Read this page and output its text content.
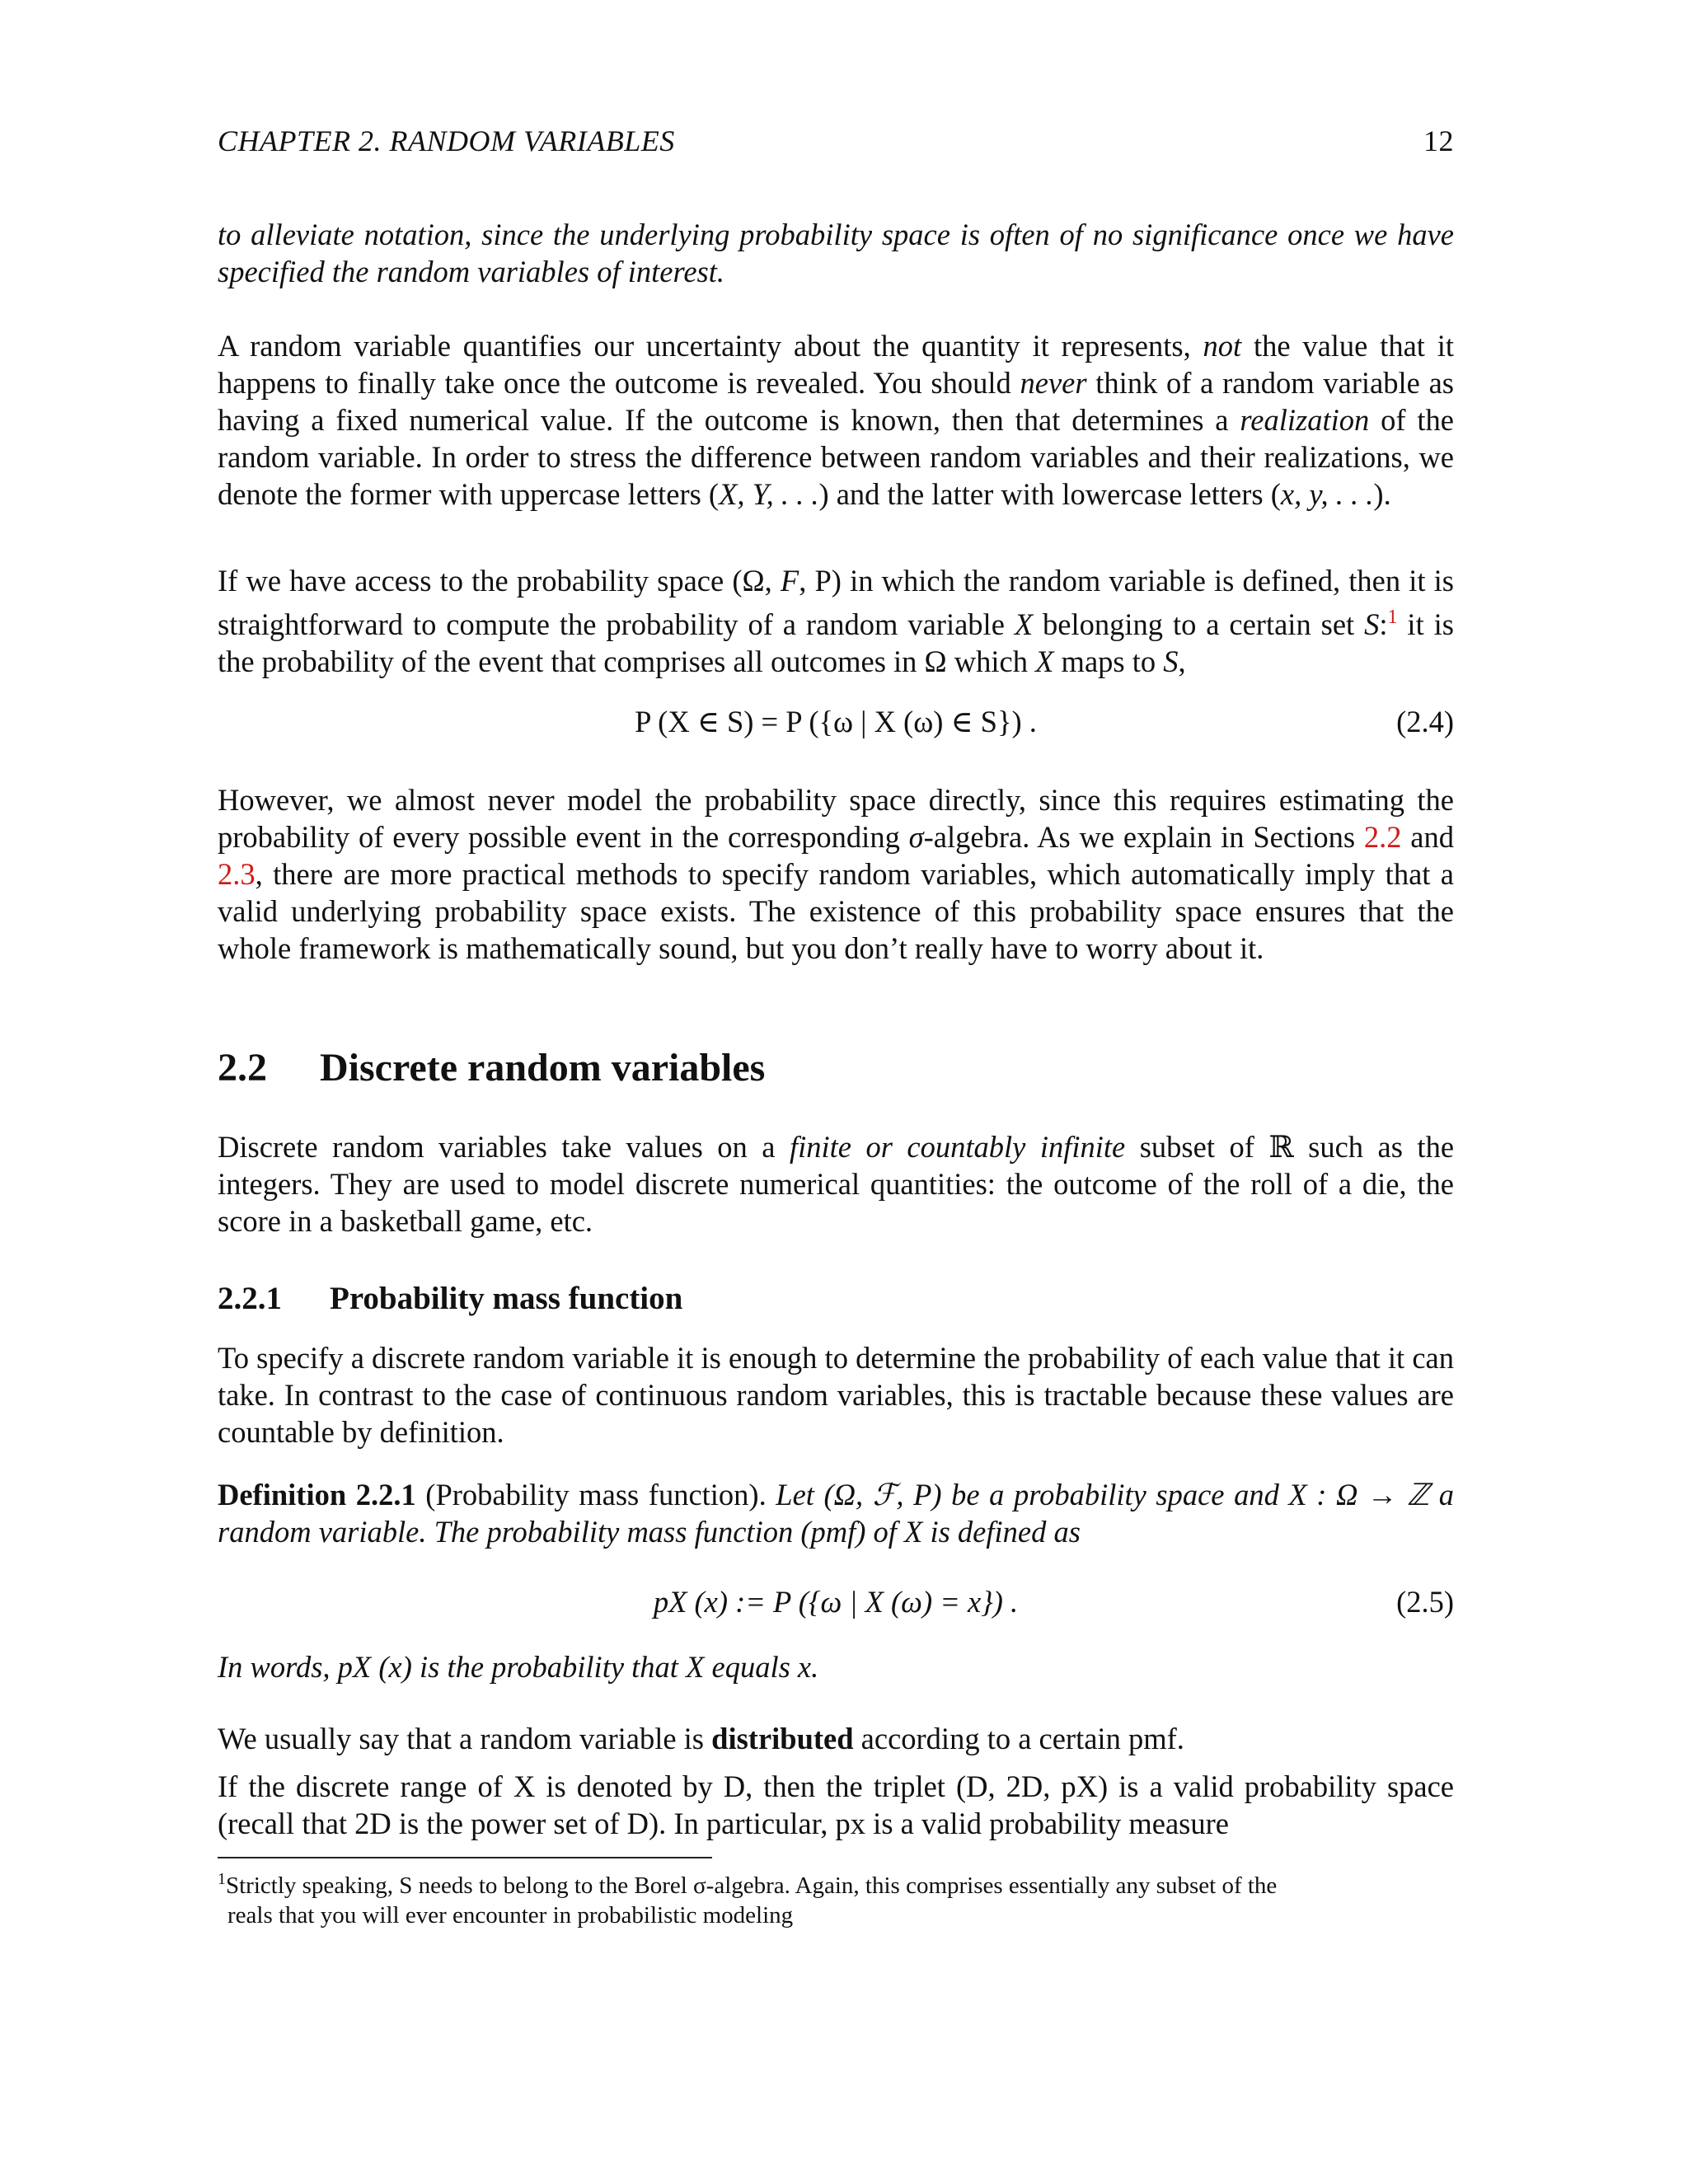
CHAPTER 2. RANDOM VARIABLES	12
to alleviate notation, since the underlying probability space is often of no significance once we have specified the random variables of interest.
A random variable quantifies our uncertainty about the quantity it represents, not the value that it happens to finally take once the outcome is revealed. You should never think of a random variable as having a fixed numerical value. If the outcome is known, then that determines a realization of the random variable. In order to stress the difference between random variables and their realizations, we denote the former with uppercase letters (X, Y, . . .) and the latter with lowercase letters (x, y, . . .).
If we have access to the probability space (Ω, F, P) in which the random variable is defined, then it is straightforward to compute the probability of a random variable X belonging to a certain set S:$^1$ it is the probability of the event that comprises all outcomes in Ω which X maps to S,
P (X ∈ S) = P ({ω | X (ω) ∈ S}) .	(2.4)
However, we almost never model the probability space directly, since this requires estimating the probability of every possible event in the corresponding σ-algebra. As we explain in Sections 2.2 and 2.3, there are more practical methods to specify random variables, which automatically imply that a valid underlying probability space exists. The existence of this probability space ensures that the whole framework is mathematically sound, but you don’t really have to worry about it.
2.2 Discrete random variables
Discrete random variables take values on a finite or countably infinite subset of ℝ such as the integers. They are used to model discrete numerical quantities: the outcome of the roll of a die, the score in a basketball game, etc.
2.2.1 Probability mass function
To specify a discrete random variable it is enough to determine the probability of each value that it can take. In contrast to the case of continuous random variables, this is tractable because these values are countable by definition.
Definition 2.2.1 (Probability mass function). Let (Ω, ℱ, P) be a probability space and X : Ω → ℤ a random variable. The probability mass function (pmf) of X is defined as
pX (x) := P ({ω | X (ω) = x}) .	(2.5)
In words, pX (x) is the probability that X equals x.
We usually say that a random variable is distributed according to a certain pmf.
If the discrete range of X is denoted by D, then the triplet (D, 2D, pX) is a valid probability space (recall that 2D is the power set of D). In particular, px is a valid probability measure
$^1$Strictly speaking, S needs to belong to the Borel σ-algebra. Again, this comprises essentially any subset of the
reals that you will ever encounter in probabilistic modeling
